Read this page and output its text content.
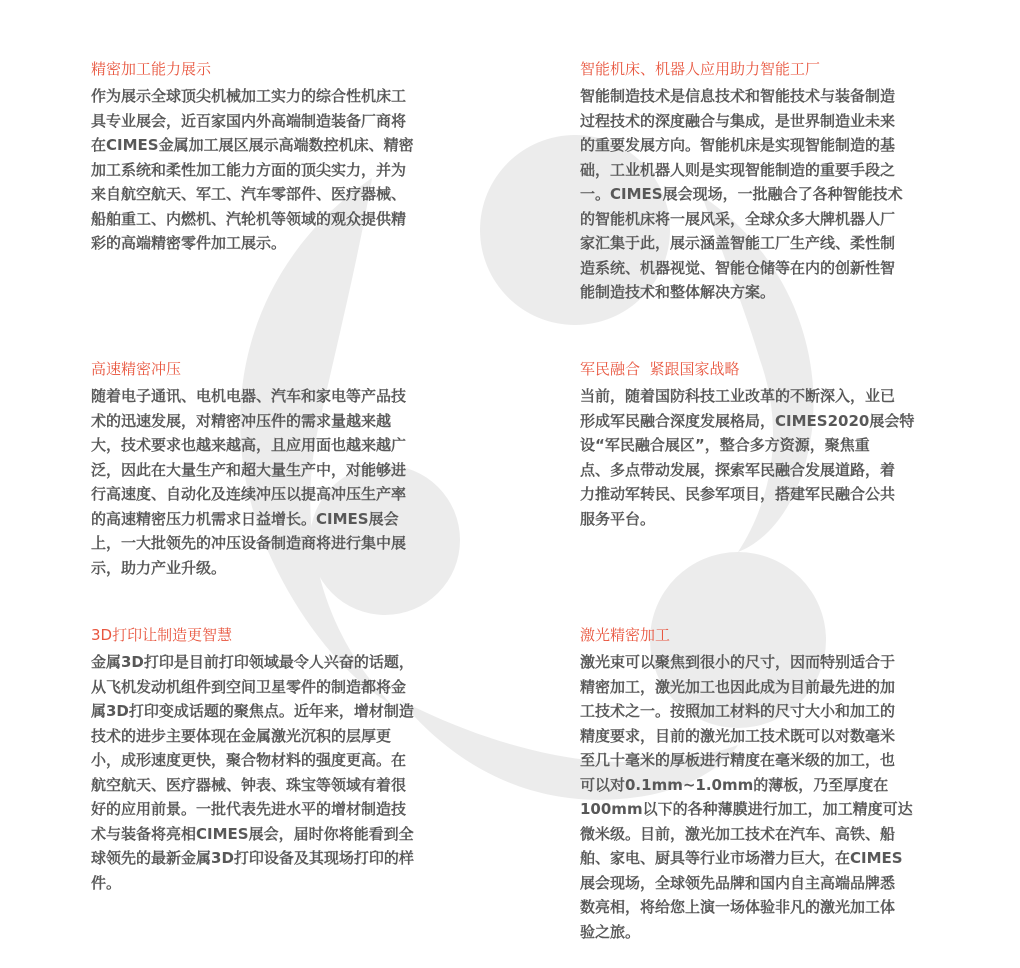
精密加工能力展示
作为展示全球顶尖机械加工实力的综合性机床工
具专业展会，近百家国内外高端制造装备厂商将
在CIMES金属加工展区展示高端数控机床、精密
加工系统和柔性加工能力方面的顶尖实力，并为
来自航空航天、军工、汽车零部件、医疗器械、
船舶重工、内燃机、汽轮机等领域的观众提供精
彩的高端精密零件加工展示。
智能机床、机器人应用助力智能工厂
智能制造技术是信息技术和智能技术与装备制造
过程技术的深度融合与集成，是世界制造业未来
的重要发展方向。智能机床是实现智能制造的基
础，工业机器人则是实现智能制造的重要手段之
一。CIMES展会现场，一批融合了各种智能技术
的智能机床将一展风采，全球众多大牌机器人厂
家汇集于此，展示涵盖智能工厂生产线、柔性制
造系统、机器视觉、智能仓储等在内的创新性智
能制造技术和整体解决方案。
高速精密冲压
随着电子通讯、电机电器、汽车和家电等产品技
术的迅速发展，对精密冲压件的需求量越来越
大，技术要求也越来越高，且应用面也越来越广
泛，因此在大量生产和超大量生产中，对能够进
行高速度、自动化及连续冲压以提高冲压生产率
的高速精密压力机需求日益增长。CIMES展会
上，一大批领先的冲压设备制造商将进行集中展
示，助力产业升级。
军民融合  紧跟国家战略
当前，随着国防科技工业改革的不断深入，业已
形成军民融合深度发展格局，CIMES2020展会特
设“军民融合展区”，整合多方资源，聚焦重
点、多点带动发展，探索军民融合发展道路，着
力推动军转民、民参军项目，搭建军民融合公共
服务平台。
3D打印让制造更智慧
金属3D打印是目前打印领域最令人兴奋的话题，
从飞机发动机组件到空间卫星零件的制造都将金
属3D打印变成话题的聚焦点。近年来，增材制造
技术的进步主要体现在金属激光沉积的层厚更
小，成形速度更快，聚合物材料的强度更高。在
航空航天、医疗器械、钟表、珠宝等领域有着很
好的应用前景。一批代表先进水平的增材制造技
术与装备将亮相CIMES展会，届时你将能看到全
球领先的最新金属3D打印设备及其现场打印的样
件。
激光精密加工
激光束可以聚焦到很小的尺寸，因而特别适合于
精密加工，激光加工也因此成为目前最先进的加
工技术之一。按照加工材料的尺寸大小和加工的
精度要求，目前的激光加工技术既可以对数毫米
至几十毫米的厚板进行精度在毫米级的加工，也
可以对0.1mm~1.0mm的薄板，乃至厚度在
100mm以下的各种薄膜进行加工，加工精度可达
微米级。目前，激光加工技术在汽车、高铁、船
舶、家电、厨具等行业市场潜力巨大，在CIMES
展会现场，全球领先品牌和国内自主高端品牌悉
数亮相，将给您上演一场体验非凡的激光加工体
验之旅。
